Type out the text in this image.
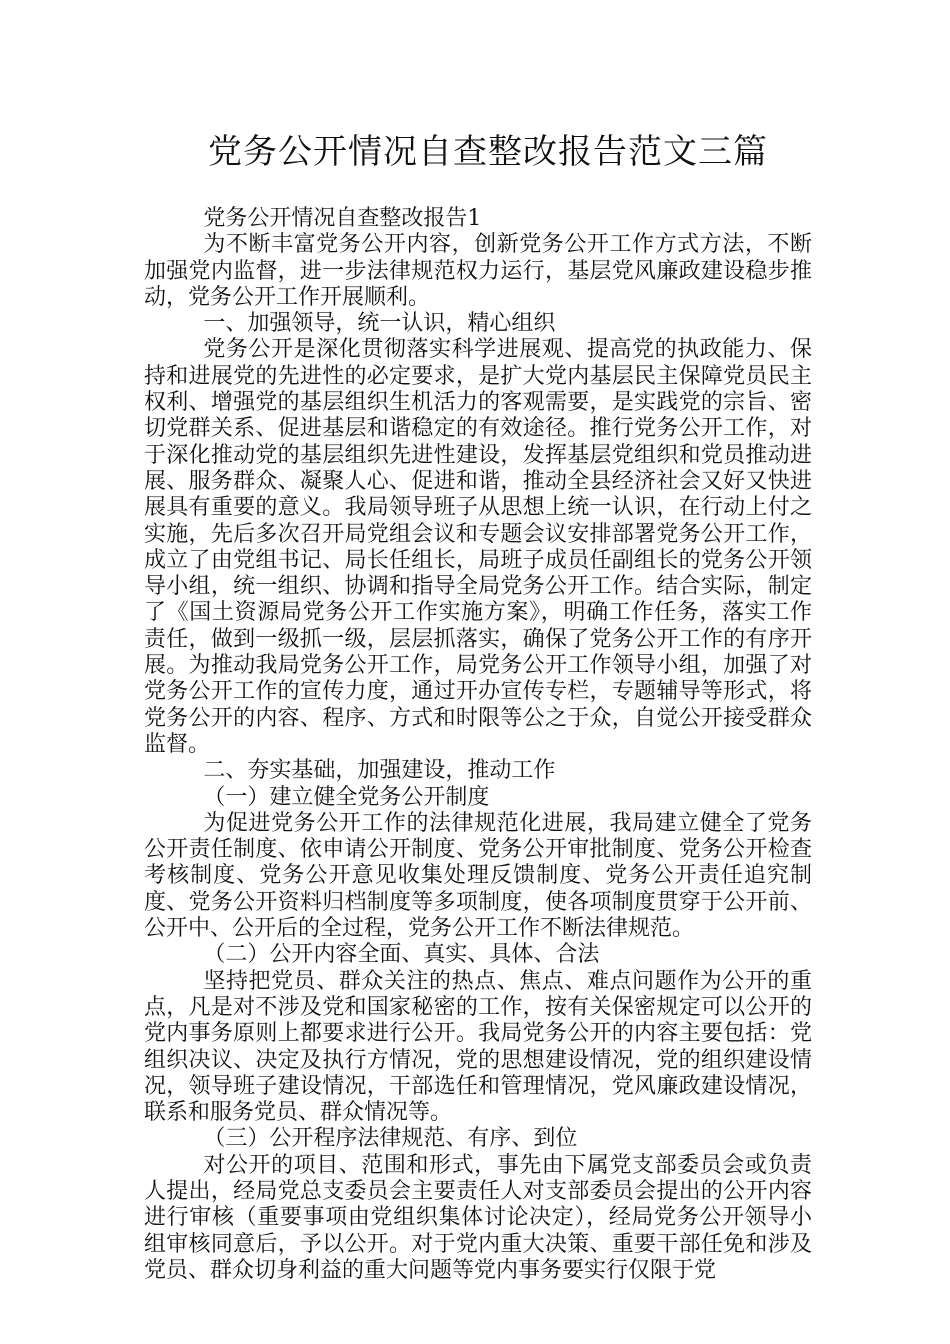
党务公开情况自查整改报告范文三篇

党务公开情况自查整改报告1

为不断丰富党务公开内容，创新党务公开工作方式方法，不断加强党内监督，进一步法律规范权力运行，基层党风廉政建设稳步推动，党务公开工作开展顺利。

一、加强领导，统一认识，精心组织

党务公开是深化贯彻落实科学进展观、提高党的执政能力、保持和进展党的先进性的必定要求，是扩大党内基层民主保障党员民主权利、增强党的基层组织生机活力的客观需要，是实践党的宗旨、密切党群关系、促进基层和谐稳定的有效途径。推行党务公开工作，对于深化推动党的基层组织先进性建设，发挥基层党组织和党员推动进展、服务群众、凝聚人心、促进和谐，推动全县经济社会又好又快进展具有重要的意义。我局领导班子从思想上统一认识，在行动上付之实施，先后多次召开局党组会议和专题会议安排部署党务公开工作，成立了由党组书记、局长任组长，局班子成员任副组长的党务公开领导小组，统一组织、协调和指导全局党务公开工作。结合实际，制定了《国土资源局党务公开工作实施方案》，明确工作任务，落实工作责任，做到一级抓一级，层层抓落实，确保了党务公开工作的有序开展。为推动我局党务公开工作，局党务公开工作领导小组，加强了对党务公开工作的宣传力度，通过开办宣传专栏，专题辅导等形式，将党务公开的内容、程序、方式和时限等公之于众，自觉公开接受群众监督。

二、夯实基础，加强建设，推动工作

（一）建立健全党务公开制度

为促进党务公开工作的法律规范化进展，我局建立健全了党务公开责任制度、依申请公开制度、党务公开审批制度、党务公开检查考核制度、党务公开意见收集处理反馈制度、党务公开责任追究制度、党务公开资料归档制度等多项制度，使各项制度贯穿于公开前、公开中、公开后的全过程，党务公开工作不断法律规范。

（二）公开内容全面、真实、具体、合法

坚持把党员、群众关注的热点、焦点、难点问题作为公开的重点，凡是对不涉及党和国家秘密的工作，按有关保密规定可以公开的党内事务原则上都要求进行公开。我局党务公开的内容主要包括：党组织决议、决定及执行方情况，党的思想建设情况，党的组织建设情况，领导班子建设情况，干部选任和管理情况，党风廉政建设情况，联系和服务党员、群众情况等。

（三）公开程序法律规范、有序、到位

对公开的项目、范围和形式，事先由下属党支部委员会或负责人提出，经局党总支委员会主要责任人对支部委员会提出的公开内容进行审核（重要事项由党组织集体讨论决定），经局党务公开领导小组审核同意后，予以公开。对于党内重大决策、重要干部任免和涉及党员、群众切身利益的重大问题等党内事务要实行仅限于党
